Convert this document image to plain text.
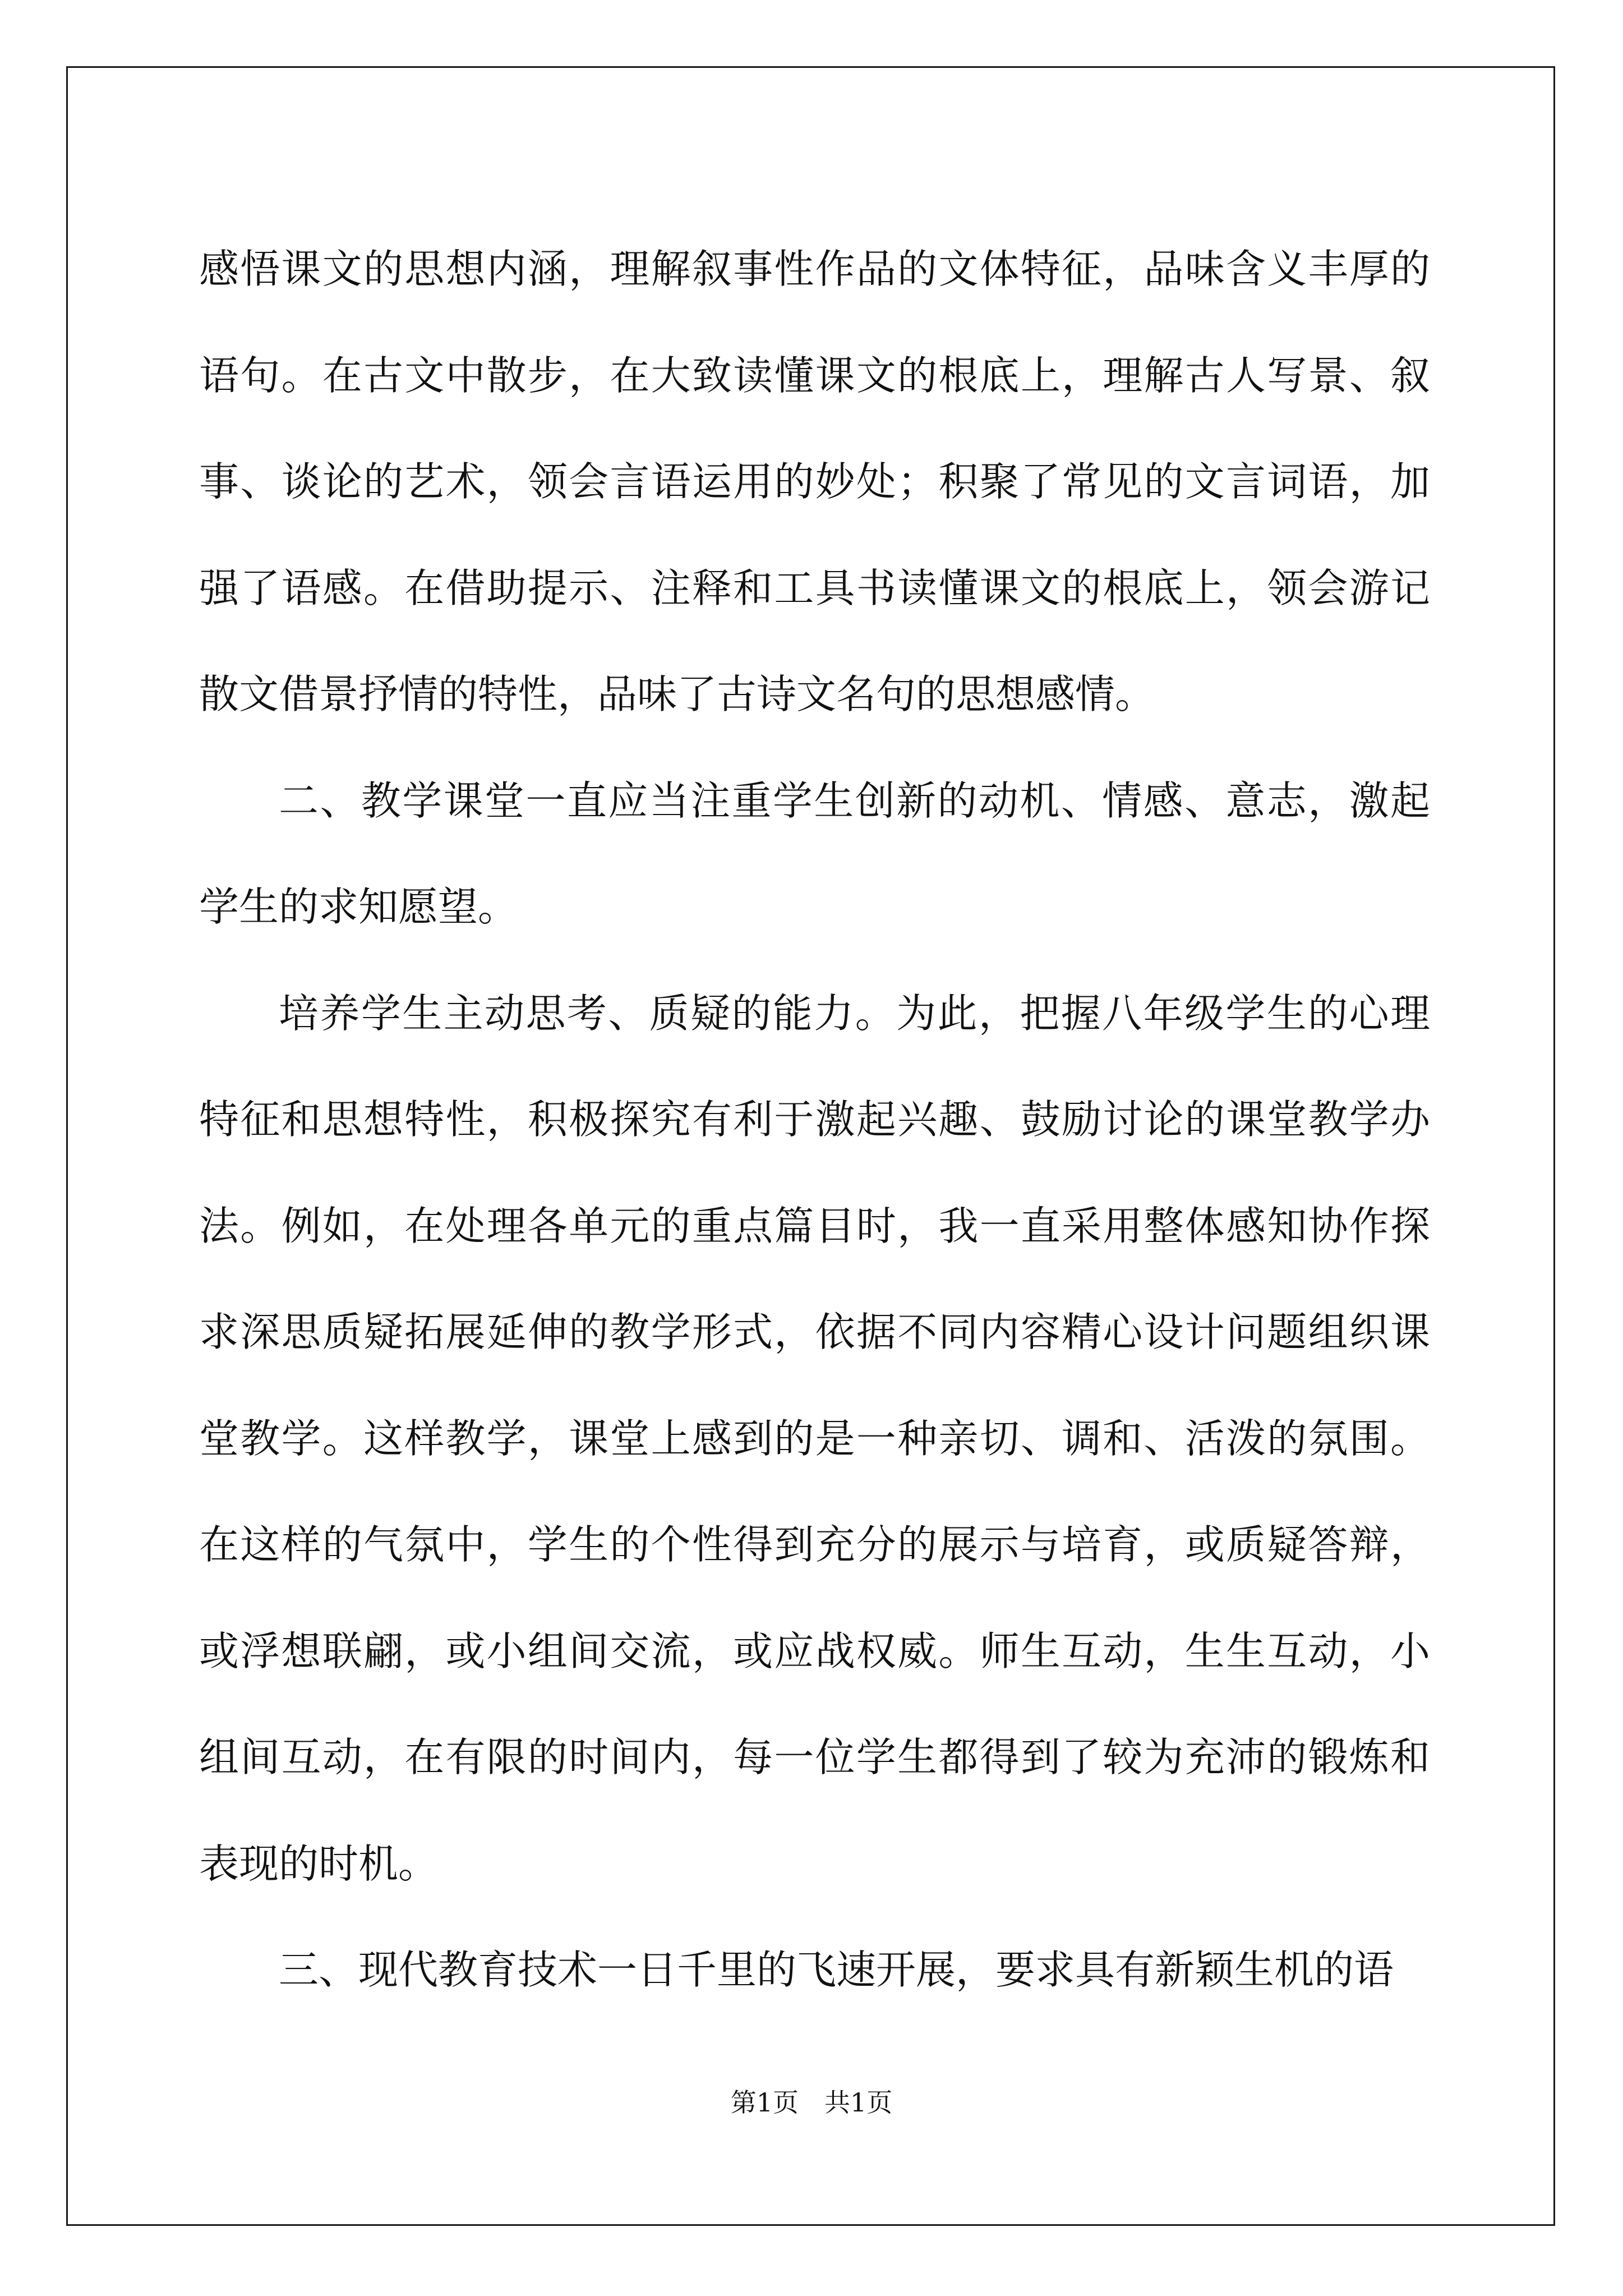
感悟课文的思想内涵，理解叙事性作品的文体特征，品味含义丰厚的语句。在古文中散步，在大致读懂课文的根底上，理解古人写景、叙事、谈论的艺术，领会言语运用的妙处；积聚了常见的文言词语，加强了语感。在借助提示、注释和工具书读懂课文的根底上，领会游记散文借景抒情的特性，品味了古诗文名句的思想感情。

二、教学课堂一直应当注重学生创新的动机、情感、意志，激起学生的求知愿望。

培养学生主动思考、质疑的能力。为此，把握八年级学生的心理特征和思想特性，积极探究有利于激起兴趣、鼓励讨论的课堂教学办法。例如，在处理各单元的重点篇目时，我一直采用整体感知协作探求深思质疑拓展延伸的教学形式，依据不同内容精心设计问题组织课堂教学。这样教学，课堂上感到的是一种亲切、调和、活泼的氛围。在这样的气氛中，学生的个性得到充分的展示与培育，或质疑答辩，或浮想联翩，或小组间交流，或应战权威。师生互动，生生互动，小组间互动，在有限的时间内，每一位学生都得到了较为充沛的锻炼和表现的时机。

三、现代教育技术一日千里的飞速开展，要求具有新颖生机的语

第1页　共1页
